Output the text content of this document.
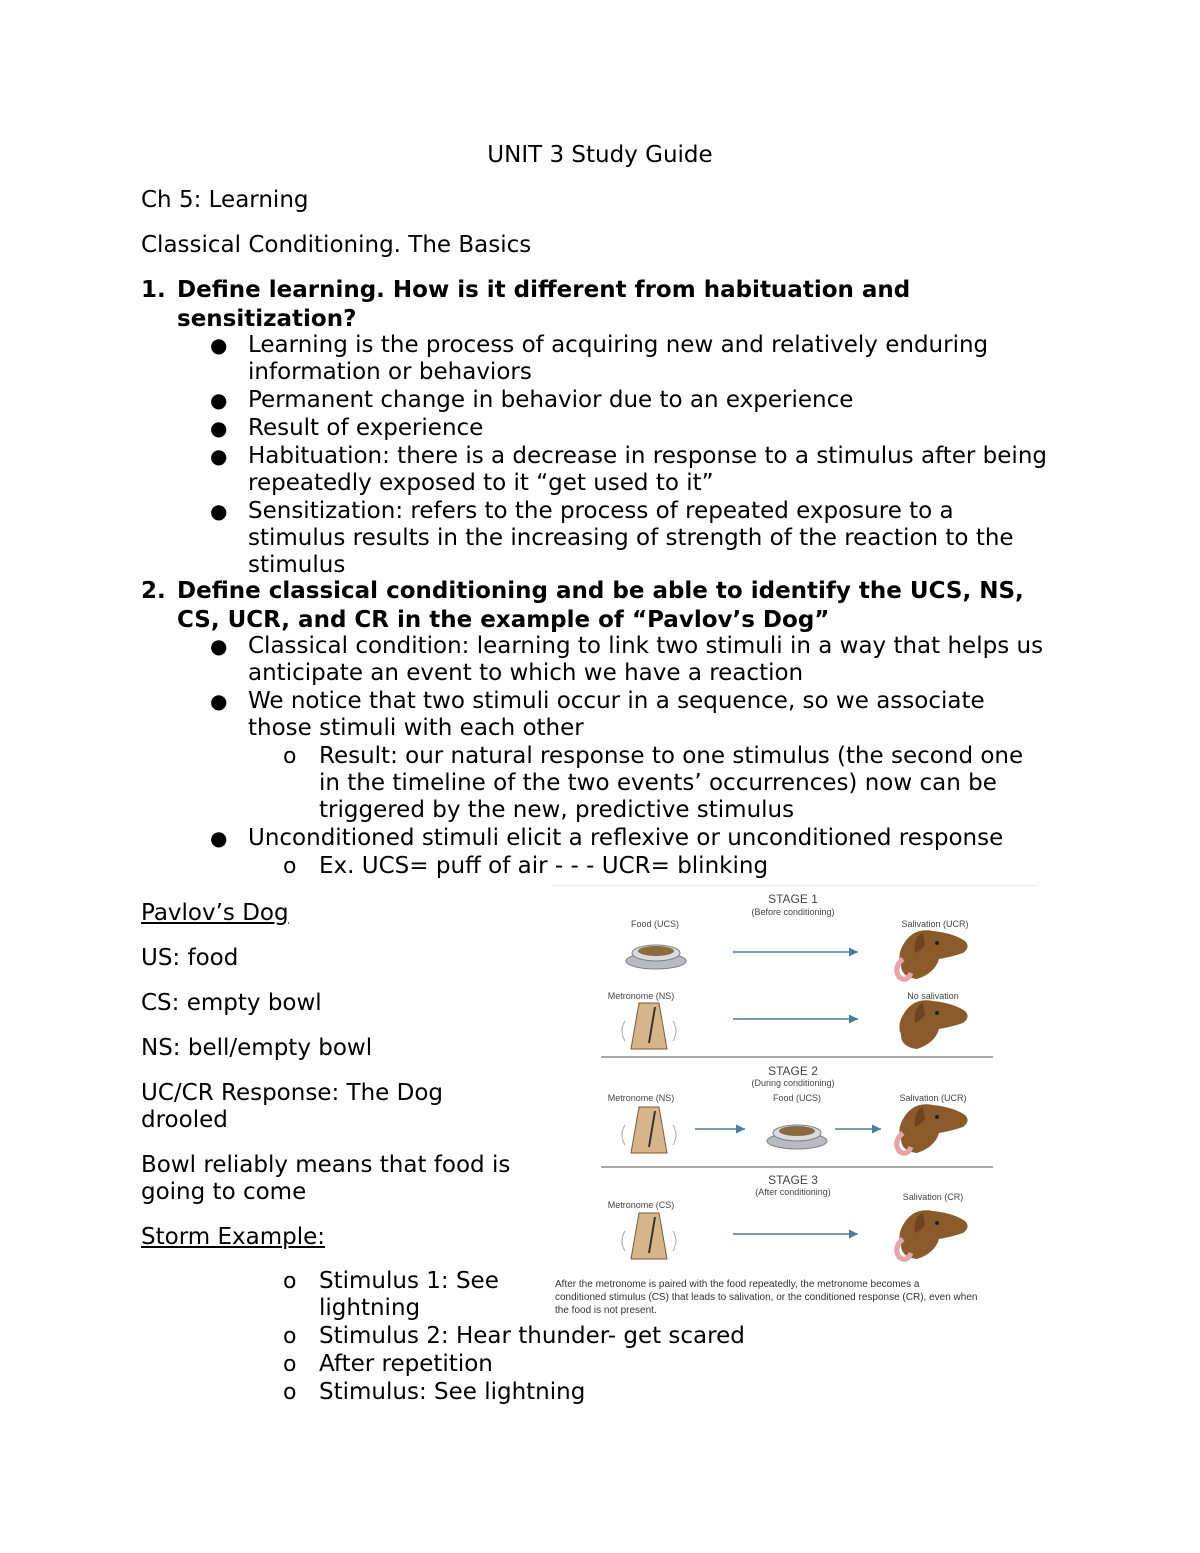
UNIT 3 Study Guide
Ch 5: Learning
Classical Conditioning. The Basics
1. Define learning. How is it different from habituation and sensitization?
● Learning is the process of acquiring new and relatively enduring information or behaviors
● Permanent change in behavior due to an experience
● Result of experience
● Habituation: there is a decrease in response to a stimulus after being repeatedly exposed to it “get used to it”
● Sensitization: refers to the process of repeated exposure to a stimulus results in the increasing of strength of the reaction to the stimulus
2. Define classical conditioning and be able to identify the UCS, NS, CS, UCR, and CR in the example of “Pavlov’s Dog”
● Classical condition: learning to link two stimuli in a way that helps us anticipate an event to which we have a reaction
● We notice that two stimuli occur in a sequence, so we associate those stimuli with each other
o Result: our natural response to one stimulus (the second one in the timeline of the two events’ occurrences) now can be triggered by the new, predictive stimulus
● Unconditioned stimuli elicit a reflexive or unconditioned response
o Ex. UCS= puff of air - - - UCR= blinking
Pavlov’s Dog
US: food
CS: empty bowl
NS: bell/empty bowl
UC/CR Response: The Dog drooled
Bowl reliably means that food is going to come
Storm Example:
o Stimulus 1: See lightning
o Stimulus 2: Hear thunder- get scared
o After repetition
o Stimulus: See lightning
STAGE 1
(Before conditioning)
Food (UCS)	Salivation (UCR)
Metronome (NS)	No salivation
STAGE 2
(During conditioning)
Metronome (NS)	Food (UCS)	Salivation (UCR)
STAGE 3
(After conditioning)
Metronome (CS)
Salivation (CR)
After the metronome is paired with the food repeatedly, the metronome becomes a
conditioned stimulus (CS) that leads to salivation, or the conditioned response (CR), even when
the food is not present.
